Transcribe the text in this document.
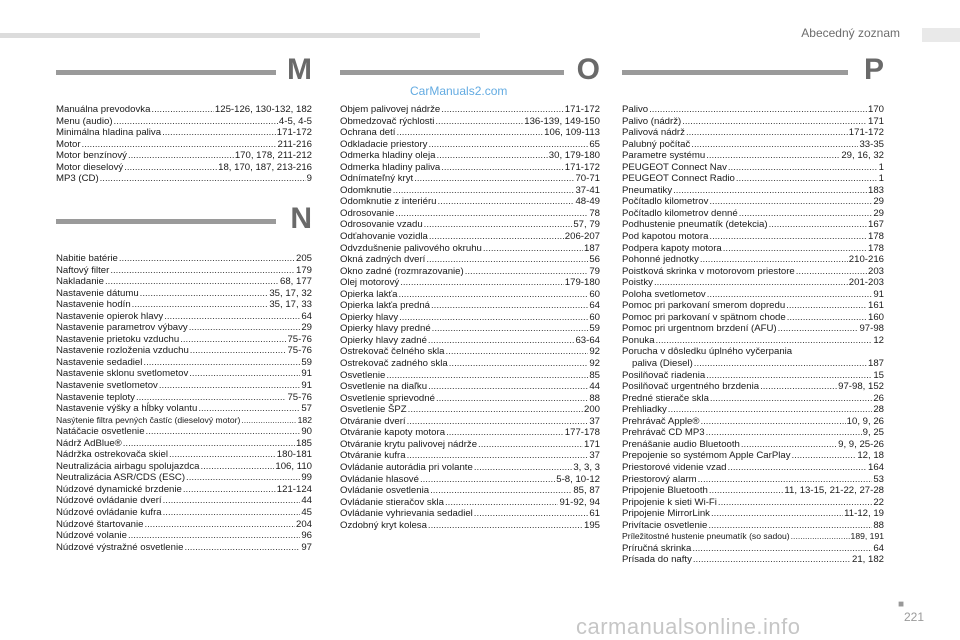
Abecedný zoznam
M
Manuálna prevodovka .....	125-126, 130-132, 182
Menu (audio) .....	4-5, 4-5
Minimálna hladina paliva .....	171-172
Motor .....	211-216
Motor benzínový .....	170, 178, 211-212
Motor dieselový .....	18, 170, 187, 213-216
MP3 (CD) .....	9
N
Nabitie batérie .....	205
Naftový filter .....	179
Nakladanie .....	68, 177
Nastavenie dátumu .....	35, 17, 32
Nastavenie hodín .....	35, 17, 33
Nastavenie opierok hlavy .....	64
Nastavenie parametrov výbavy .....	29
Nastavenie prietoku vzduchu .....	75-76
Nastavenie rozloženia vzduchu .....	75-76
Nastavenie sedadiel .....	59
Nastavenie sklonu svetlometov .....	91
Nastavenie svetlometov .....	91
Nastavenie teploty .....	75-76
Nastavenie výšky a hĺbky volantu .....	57
Nasýtenie filtra pevných častíc (dieselový motor) .....	182
Natáčacie osvetlenie .....	90
Nádrž AdBlue® .....	185
Nádržka ostrekovača skiel .....	180-181
Neutralizácia airbagu spolujazdca .....	106, 110
Neutralizácia ASR/CDS (ESC) .....	99
Núdzové dynamické brzdenie .....	121-124
Núdzové ovládanie dverí .....	44
Núdzové ovládanie kufra .....	45
Núdzové štartovanie .....	204
Núdzové volanie .....	96
Núdzové výstražné osvetlenie .....	97
O
Objem palivovej nádrže .....	171-172
Obmedzovač rýchlosti .....	136-139, 149-150
Ochrana detí .....	106, 109-113
Odkladacie priestory .....	65
Odmerka hladiny oleja .....	30, 179-180
Odmerka hladiny paliva .....	171-172
Odnímateľný kryt .....	70-71
Odomknutie .....	37-41
Odomknutie z interiéru .....	48-49
Odrosovanie .....	78
Odrosovanie vzadu .....	57, 79
Odťahovanie vozidla .....	206-207
Odvzdušnenie palivového okruhu .....	187
Okná zadných dverí .....	56
Okno zadné (rozmrazovanie) .....	79
Olej motorový .....	179-180
Opierka lakťa .....	60
Opierka lakťa predná .....	64
Opierky hlavy .....	60
Opierky hlavy predné .....	59
Opierky hlavy zadné .....	63-64
Ostrekovač čelného skla .....	92
Ostrekovač zadného skla .....	92
Osvetlenie .....	85
Osvetlenie na diaľku .....	44
Osvetlenie sprievodné .....	88
Osvetlenie ŠPZ .....	200
Otváranie dverí .....	37
Otváranie kapoty motora .....	177-178
Otváranie krytu palivovej nádrže .....	171
Otváranie kufra .....	37
Ovládanie autorádia pri volante .....	3, 3, 3
Ovládanie hlasové .....	5-8, 10-12
Ovládanie osvetlenia .....	85, 87
Ovládanie stieračov skla .....	91-92, 94
Ovládanie vyhrievania sedadiel .....	61
Ozdobný kryt kolesa .....	195
P
Palivo .....	170
Palivo (nádrž) .....	171
Palivová nádrž .....	171-172
Palubný počítač .....	33-35
Parametre systému .....	29, 16, 32
PEUGEOT Connect Nav .....	1
PEUGEOT Connect Radio .....	1
Pneumatiky .....	183
Počítadlo kilometrov .....	29
Počítadlo kilometrov denné .....	29
Podhustenie pneumatík (detekcia) .....	167
Pod kapotou motora .....	178
Podpera kapoty motora .....	178
Pohonné jednotky .....	210-216
Poistková skrinka v motorovom priestore .....	203
Poistky .....	201-203
Poloha svetlometov .....	91
Pomoc pri parkovaní smerom dopredu .....	161
Pomoc pri parkovaní v spätnom chode .....	160
Pomoc pri urgentnom brzdení (AFU) .....	97-98
Ponuka .....	12
Porucha v dôsledku úplného vyčerpania
paliva (Diesel) .....	187
Posilňovač riadenia .....	15
Posilňovač urgentného brzdenia .....	97-98, 152
Predné stierače skla .....	26
Prehliadky .....	28
Prehrávač Apple® .....	10, 9, 26
Prehrávač CD MP3 .....	9, 25
Prenášanie audio Bluetooth .....	9, 9, 25-26
Prepojenie so systémom Apple CarPlay .....	12, 18
Priestorové videnie vzad .....	164
Priestorový alarm .....	53
Pripojenie Bluetooth .....	11, 13-15, 21-22, 27-28
Pripojenie k sieti Wi-Fi .....	22
Pripojenie MirrorLink .....	11-12, 19
Privítacie osvetlenie .....	88
Príležitostné hustenie pneumatík (so sadou) .....	189, 191
Príručná skrinka .....	64
Prísada do nafty .....	21, 182
CarManuals2.com
■
221
carmanualsonline.info
